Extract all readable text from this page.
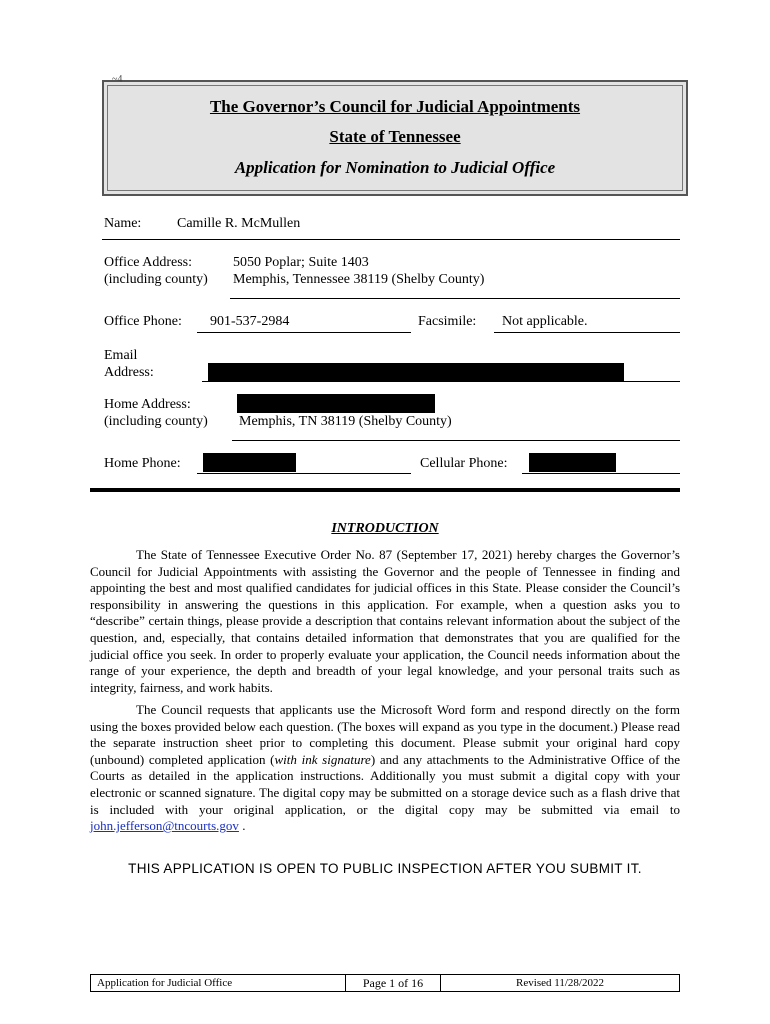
~4
The Governor’s Council for Judicial Appointments
State of Tennessee
Application for Nomination to Judicial Office
Name:	Camille R. McMullen
Office Address:
(including county)
5050 Poplar; Suite 1403
Memphis, Tennessee 38119 (Shelby County)
Office Phone: 901-537-2984	Facsimile: Not applicable.
Email
Address:
Home Address:
(including county) Memphis, TN 38119 (Shelby County)
Home Phone:	Cellular Phone:
INTRODUCTION

The State of Tennessee Executive Order No. 87 (September 17, 2021) hereby charges the Governor’s Council for Judicial Appointments with assisting the Governor and the people of Tennessee in finding and appointing the best and most qualified candidates for judicial offices in this State. Please consider the Council’s responsibility in answering the questions in this application. For example, when a question asks you to “describe” certain things, please provide a description that contains relevant information about the subject of the question, and, especially, that contains detailed information that demonstrates that you are qualified for the judicial office you seek. In order to properly evaluate your application, the Council needs information about the range of your experience, the depth and breadth of your legal knowledge, and your personal traits such as integrity, fairness, and work habits.

The Council requests that applicants use the Microsoft Word form and respond directly on the form using the boxes provided below each question. (The boxes will expand as you type in the document.) Please read the separate instruction sheet prior to completing this document. Please submit your original hard copy (unbound) completed application (with ink signature) and any attachments to the Administrative Office of the Courts as detailed in the application instructions. Additionally you must submit a digital copy with your electronic or scanned signature. The digital copy may be submitted on a storage device such as a flash drive that is included with your original application, or the digital copy may be submitted via email to john.jefferson@tncourts.gov .

THIS APPLICATION IS OPEN TO PUBLIC INSPECTION AFTER YOU SUBMIT IT.
Application for Judicial Office	Page 1 of 16	Revised 11/28/2022
